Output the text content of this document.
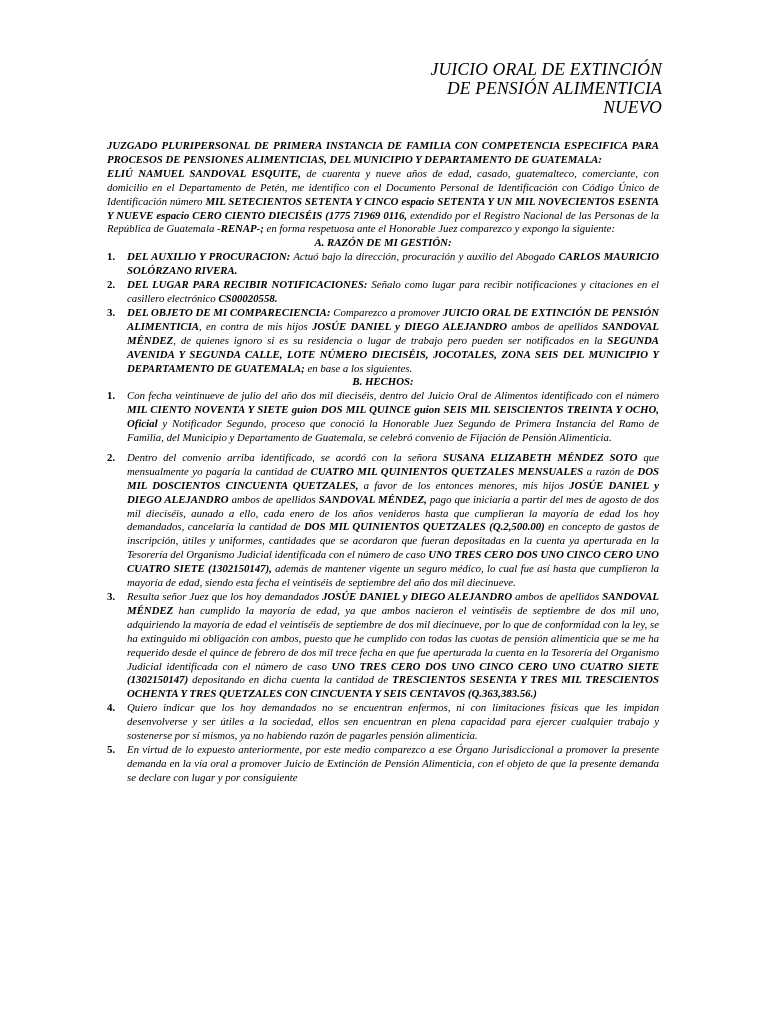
JUICIO ORAL DE EXTINCIÓN
DE PENSIÓN ALIMENTICIA
NUEVO

JUZGADO PLURIPERSONAL DE PRIMERA INSTANCIA DE FAMILIA CON COMPETENCIA ESPECIFICA PARA PROCESOS DE PENSIONES ALIMENTICIAS, DEL MUNICIPIO Y DEPARTAMENTO DE GUATEMALA:

ELIÚ NAMUEL SANDOVAL ESQUITE, de cuarenta y nueve años de edad, casado, guatemalteco, comerciante, con domicilio en el Departamento de Petén, me identifico con el Documento Personal de Identificación con Código Único de Identificación número MIL SETECIENTOS SETENTA Y CINCO espacio SETENTA Y UN MIL NOVECIENTOS ESENTA Y NUEVE espacio CERO CIENTO DIECISÉIS (1775 71969 0116, extendido por el Registro Nacional de las Personas de la República de Guatemala -RENAP-; en forma respetuosa ante el Honorable Juez comparezco y expongo la siguiente:

A. RAZÓN DE MI GESTIÓN:

1. DEL AUXILIO Y PROCURACION: Actuó bajo la dirección, procuración y auxilio del Abogado CARLOS MAURICIO SOLÓRZANO RIVERA.
2. DEL LUGAR PARA RECIBIR NOTIFICACIONES: Señalo como lugar para recibir notificaciones y citaciones en el casillero electrónico CS00020558.
3. DEL OBJETO DE MI COMPARECIENCIA: Comparezco a promover JUICIO ORAL DE EXTINCIÓN DE PENSIÓN ALIMENTICIA, en contra de mis hijos JOSÚE DANIEL y DIEGO ALEJANDRO ambos de apellidos SANDOVAL MÉNDEZ, de quienes ignoro si es su residencia o lugar de trabajo pero pueden ser notificados en la SEGUNDA AVENIDA Y SEGUNDA CALLE, LOTE NÚMERO DIECISÉIS, JOCOTALES, ZONA SEIS DEL MUNICIPIO Y DEPARTAMENTO DE GUATEMALA; en base a los siguientes.

B. HECHOS:

1. Con fecha veintinueve de julio del año dos mil dieciséis, dentro del Juicio Oral de Alimentos identificado con el número MIL CIENTO NOVENTA Y SIETE guion DOS MIL QUINCE guion SEIS MIL SEISCIENTOS TREINTA Y OCHO, Oficial y Notificador Segundo, proceso que conoció la Honorable Juez Segundo de Primera Instancia del Ramo de Familia, del Municipio y Departamento de Guatemala, se celebró convenio de Fijación de Pensión Alimenticia.
2. Dentro del convenio arriba identificado, se acordó con la señora SUSANA ELIZABETH MÉNDEZ SOTO que mensualmente yo pagaría la cantidad de CUATRO MIL QUINIENTOS QUETZALES MENSUALES a razón de DOS MIL DOSCIENTOS CINCUENTA QUETZALES, a favor de los entonces menores, mis hijos JOSÚE DANIEL y DIEGO ALEJANDRO ambos de apellidos SANDOVAL MÉNDEZ, pago que iniciaría a partir del mes de agosto de dos mil dieciséis, aunado a ello, cada enero de los años venideros hasta que cumplieran la mayoría de edad los hoy demandados, cancelaría la cantidad de DOS MIL QUINIENTOS QUETZALES (Q.2,500.00) en concepto de gastos de inscripción, útiles y uniformes, cantidades que se acordaron que fueran depositadas en la cuenta ya aperturada en la Tesorería del Organismo Judicial identificada con el número de caso UNO TRES CERO DOS UNO CINCO CERO UNO CUATRO SIETE (1302150147), además de mantener vigente un seguro médico, lo cual fue así hasta que cumplieron la mayoría de edad, siendo esta fecha el veintiséis de septiembre del año dos mil diecinueve.
3. Resulta señor Juez que los hoy demandados JOSÚE DANIEL y DIEGO ALEJANDRO ambos de apellidos SANDOVAL MÉNDEZ han cumplido la mayoría de edad, ya que ambos nacieron el veintiséis de septiembre de dos mil uno, adquiriendo la mayoría de edad el veintiséis de septiembre de dos mil diecinueve, por lo que de conformidad con la ley, se ha extinguido mi obligación con ambos, puesto que he cumplido con todas las cuotas de pensión alimenticia que se me ha requerido desde el quince de febrero de dos mil trece fecha en que fue aperturada la cuenta en la Tesorería del Organismo Judicial identificada con el número de caso UNO TRES CERO DOS UNO CINCO CERO UNO CUATRO SIETE (1302150147) depositando en dicha cuenta la cantidad de TRESCIENTOS SESENTA Y TRES MIL TRESCIENTOS OCHENTA Y TRES QUETZALES CON CINCUENTA Y SEIS CENTAVOS (Q.363,383.56.)
4. Quiero indicar que los hoy demandados no se encuentran enfermos, ni con limitaciones físicas que les impidan desenvolverse y ser útiles a la sociedad, ellos sen encuentran en plena capacidad para ejercer cualquier trabajo y sostenerse por sí mismos, ya no habiendo razón de pagarles pensión alimenticia.
5. En virtud de lo expuesto anteriormente, por este medio comparezco a ese Órgano Jurisdiccional a promover la presente demanda en la vía oral a promover Juicio de Extinción de Pensión Alimenticia, con el objeto de que la presente demanda se declare con lugar y por consiguiente
